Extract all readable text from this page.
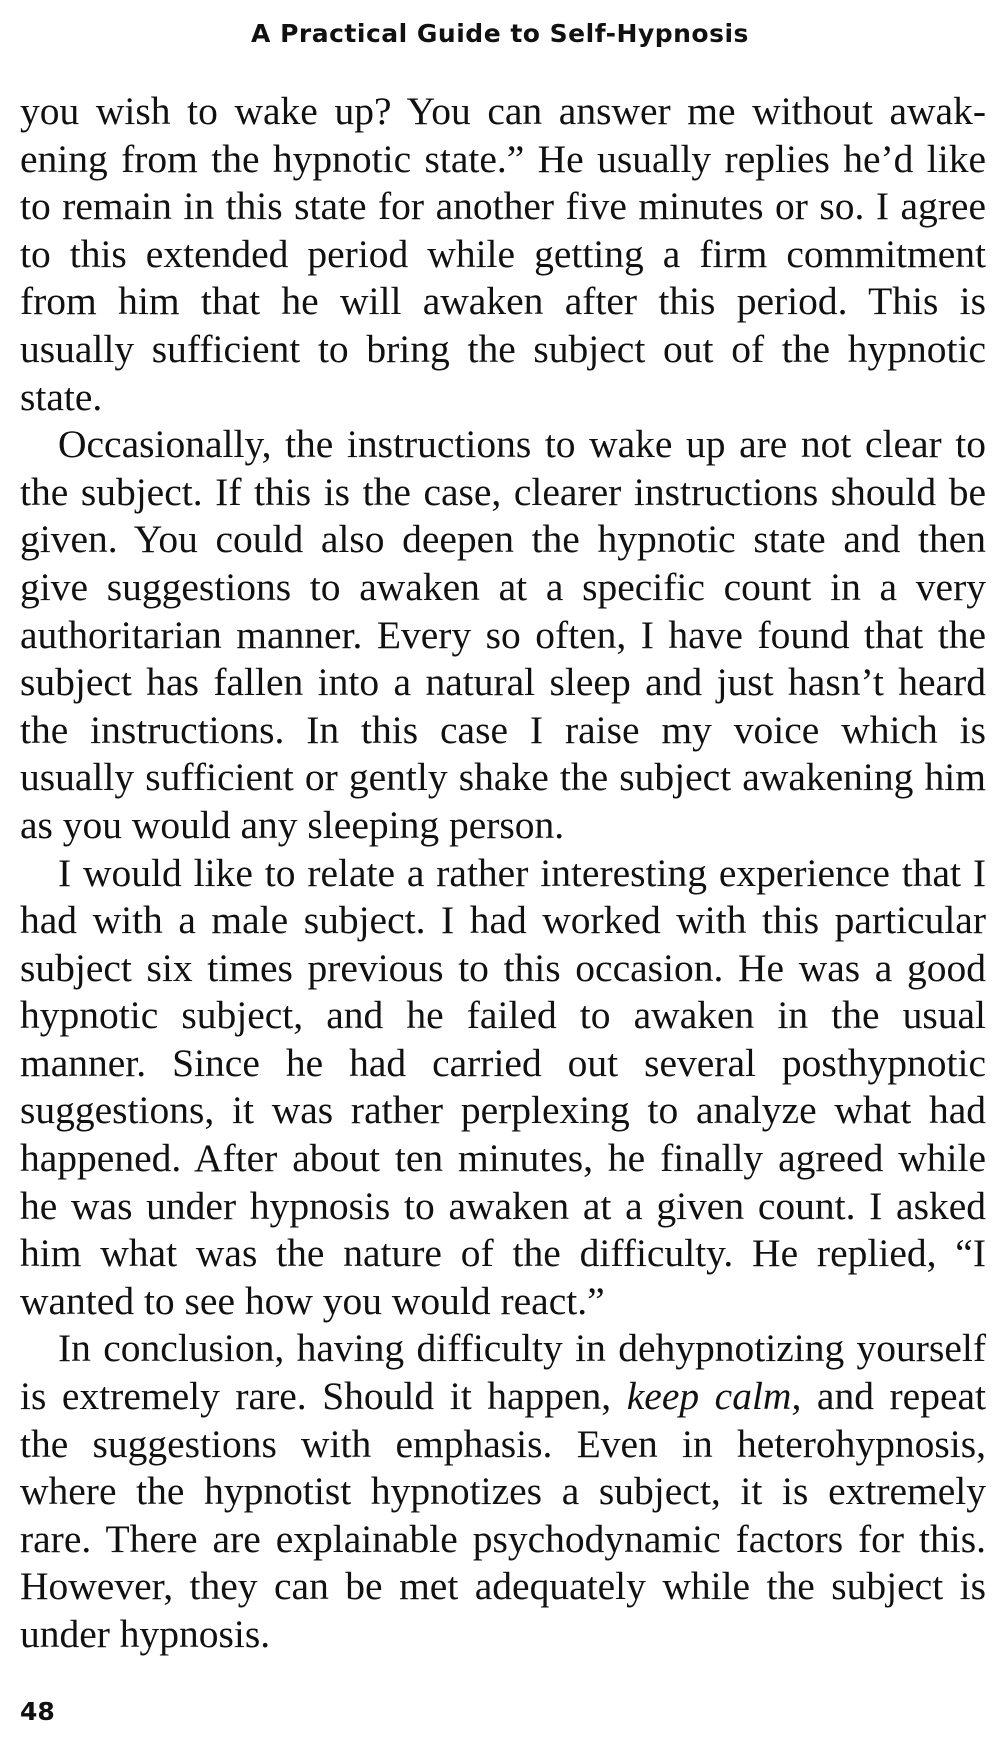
A Practical Guide to Self-Hypnosis

you wish to wake up? You can answer me without awakening from the hypnotic state.” He usually replies he’d like to remain in this state for another five minutes or so. I agree to this extended period while getting a firm commitment from him that he will awaken after this period. This is usually sufficient to bring the subject out of the hypnotic state.

Occasionally, the instructions to wake up are not clear to the subject. If this is the case, clearer instructions should be given. You could also deepen the hypnotic state and then give suggestions to awaken at a specific count in a very authoritarian manner. Every so often, I have found that the subject has fallen into a natural sleep and just hasn’t heard the instructions. In this case I raise my voice which is usually sufficient or gently shake the subject awakening him as you would any sleeping person.

I would like to relate a rather interesting experience that I had with a male subject. I had worked with this particular subject six times previous to this occasion. He was a good hypnotic subject, and he failed to awaken in the usual manner. Since he had carried out several posthypnotic suggestions, it was rather perplexing to analyze what had happened. After about ten minutes, he finally agreed while he was under hypnosis to awaken at a given count. I asked him what was the nature of the difficulty. He replied, “I wanted to see how you would react.”

In conclusion, having difficulty in dehypnotizing yourself is extremely rare. Should it happen, keep calm, and repeat the suggestions with emphasis. Even in heterohypnosis, where the hypnotist hypnotizes a subject, it is extremely rare. There are explainable psychodynamic factors for this. However, they can be met adequately while the subject is under hypnosis.

48
